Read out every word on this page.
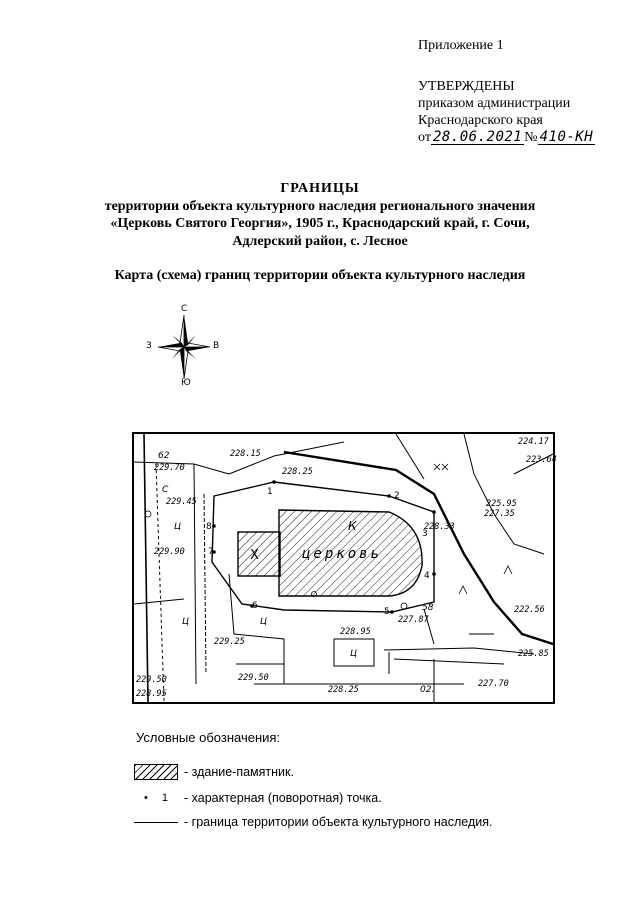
Приложение 1
УТВЕРЖДЕНЫ
приказом администрации
Краснодарского края
от 28.06.2021 № 410-КН
ГРАНИЦЫ
территории объекта культурного наследия регионального значения
«Церковь Святого Георгия», 1905 г., Краснодарский край, г. Сочи,
Адлерский район, с. Лесное
Карта (схема) границ территории объекта культурного наследия
С
З	В
Ю
Х
К
церковь
1	2
3
4
5
6
7
8
229.70
229.45
228.15
228.25
228.33
229.90
229.50
229.25
228.95
227.87
227.35
225.95
224.17
223.64
222.56
225.85
227.70
229.50
228.95	228.25
62
58
Ц
Ц	Ц
Ц
С
02.
Условные обозначения:
- здание-памятник.
• 1 - характерная (поворотная) точка.
- граница территории объекта культурного наследия.
